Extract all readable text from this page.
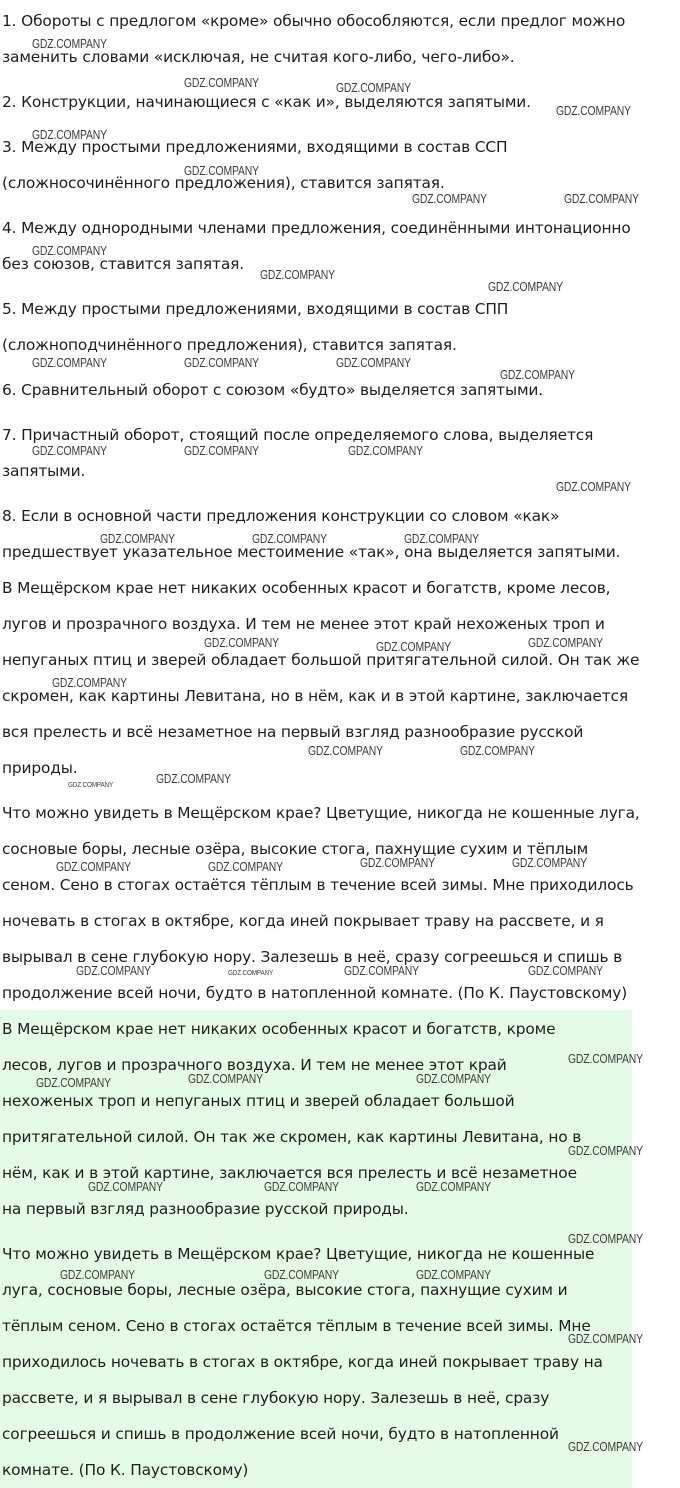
1. Обороты с предлогом «кроме» обычно обособляются, если предлог можно

заменить словами «исключая, не считая кого-либо, чего-либо».

2. Конструкции, начинающиеся с «как и», выделяются запятыми.

3. Между простыми предложениями, входящими в состав ССП

(сложносочинённого предложения), ставится запятая.

4. Между однородными членами предложения, соединёнными интонационно

без союзов, ставится запятая.

5. Между простыми предложениями, входящими в состав СПП

(сложноподчинённого предложения), ставится запятая.

6. Сравнительный оборот с союзом «будто» выделяется запятыми.

7. Причастный оборот, стоящий после определяемого слова, выделяется

запятыми.

8. Если в основной части предложения конструкции со словом «как»

предшествует указательное местоимение «так», она выделяется запятыми.

В Мещёрском крае нет никаких особенных красот и богатств, кроме лесов,

лугов и прозрачного воздуха. И тем не менее этот край нехоженых троп и

непуганых птиц и зверей обладает большой притягательной силой. Он так же

скромен, как картины Левитана, но в нём, как и в этой картине, заключается

вся прелесть и всё незаметное на первый взгляд разнообразие русской

природы.

Что можно увидеть в Мещёрском крае? Цветущие, никогда не кошенные луга,

сосновые боры, лесные озёра, высокие стога, пахнущие сухим и тёплым

сеном. Сено в стогах остаётся тёплым в течение всей зимы. Мне приходилось

ночевать в стогах в октябре, когда иней покрывает траву на рассвете, и я

вырывал в сене глубокую нору. Залезешь в неё, сразу согреешься и спишь в

продолжение всей ночи, будто в натопленной комнате. (По К. Паустовскому)

В Мещёрском крае нет никаких особенных красот и богатств, кроме

лесов, лугов и прозрачного воздуха. И тем не менее этот край

нехоженых троп и непуганых птиц и зверей обладает большой

притягательной силой. Он так же скромен, как картины Левитана, но в

нём, как и в этой картине, заключается вся прелесть и всё незаметное

на первый взгляд разнообразие русской природы.

Что можно увидеть в Мещёрском крае? Цветущие, никогда не кошенные

луга, сосновые боры, лесные озёра, высокие стога, пахнущие сухим и

тёплым сеном. Сено в стогах остаётся тёплым в течение всей зимы. Мне

приходилось ночевать в стогах в октябре, когда иней покрывает траву на

рассвете, и я вырывал в сене глубокую нору. Залезешь в неё, сразу

согреешься и спишь в продолжение всей ночи, будто в натопленной

комнате. (По К. Паустовскому)

GDZ.COMPANY
GDZ.COMPANY	GDZ.COMPANY
GDZ.COMPANY
GDZ.COMPANY
GDZ.COMPANY
GDZ.COMPANY	GDZ.COMPANY
GDZ.COMPANY
GDZ.COMPANY
GDZ.COMPANY
GDZ.COMPANY	GDZ.COMPANY	GDZ.COMPANY
GDZ.COMPANY
GDZ.COMPANY	GDZ.COMPANY	GDZ.COMPANY
GDZ.COMPANY
GDZ.COMPANY	GDZ.COMPANY	GDZ.COMPANY
GDZ.COMPANY	GDZ.COMPANY	GDZ.COMPANY
GDZ.COMPANY
GDZ.COMPANY	GDZ.COMPANY
GDZ.COMPANY	GDZ.COMPANY
GDZ.COMPANY	GDZ.COMPANY	GDZ.COMPANY	GDZ.COMPANY
GDZ.COMPANY	GDZ.COMPANY	GDZ.COMPANY	GDZ.COMPANY
GDZ.COMPANY
GDZ.COMPANY	GDZ.COMPANY	GDZ.COMPANY
GDZ.COMPANY
GDZ.COMPANY	GDZ.COMPANY	GDZ.COMPANY
GDZ.COMPANY
GDZ.COMPANY	GDZ.COMPANY	GDZ.COMPANY
GDZ.COMPANY
GDZ.COMPANY
